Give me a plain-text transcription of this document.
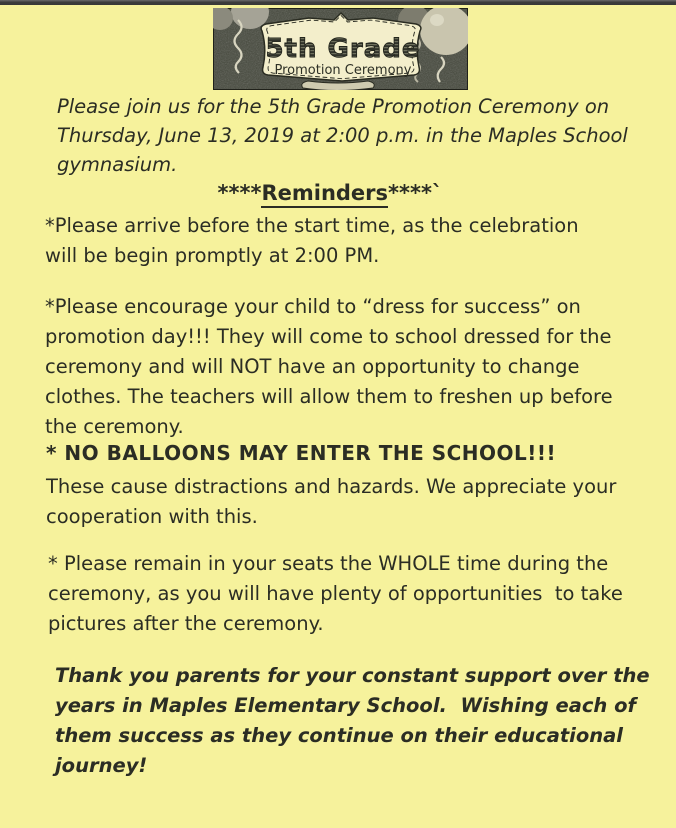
5th Grade
Promotion Ceremony
Please join us for the 5th Grade Promotion Ceremony on
Thursday, June 13, 2019 at 2:00 p.m. in the Maples School
gymnasium.
****Reminders****`
*Please arrive before the start time, as the celebration
will be begin promptly at 2:00 PM.
*Please encourage your child to “dress for success” on
promotion day!!! They will come to school dressed for the
ceremony and will NOT have an opportunity to change
clothes. The teachers will allow them to freshen up before
the ceremony.
* NO BALLOONS MAY ENTER THE SCHOOL!!!
These cause distractions and hazards. We appreciate your
cooperation with this.
* Please remain in your seats the WHOLE time during the
ceremony, as you will have plenty of opportunities  to take
pictures after the ceremony.
Thank you parents for your constant support over the
years in Maples Elementary School.  Wishing each of
them success as they continue on their educational
journey!
